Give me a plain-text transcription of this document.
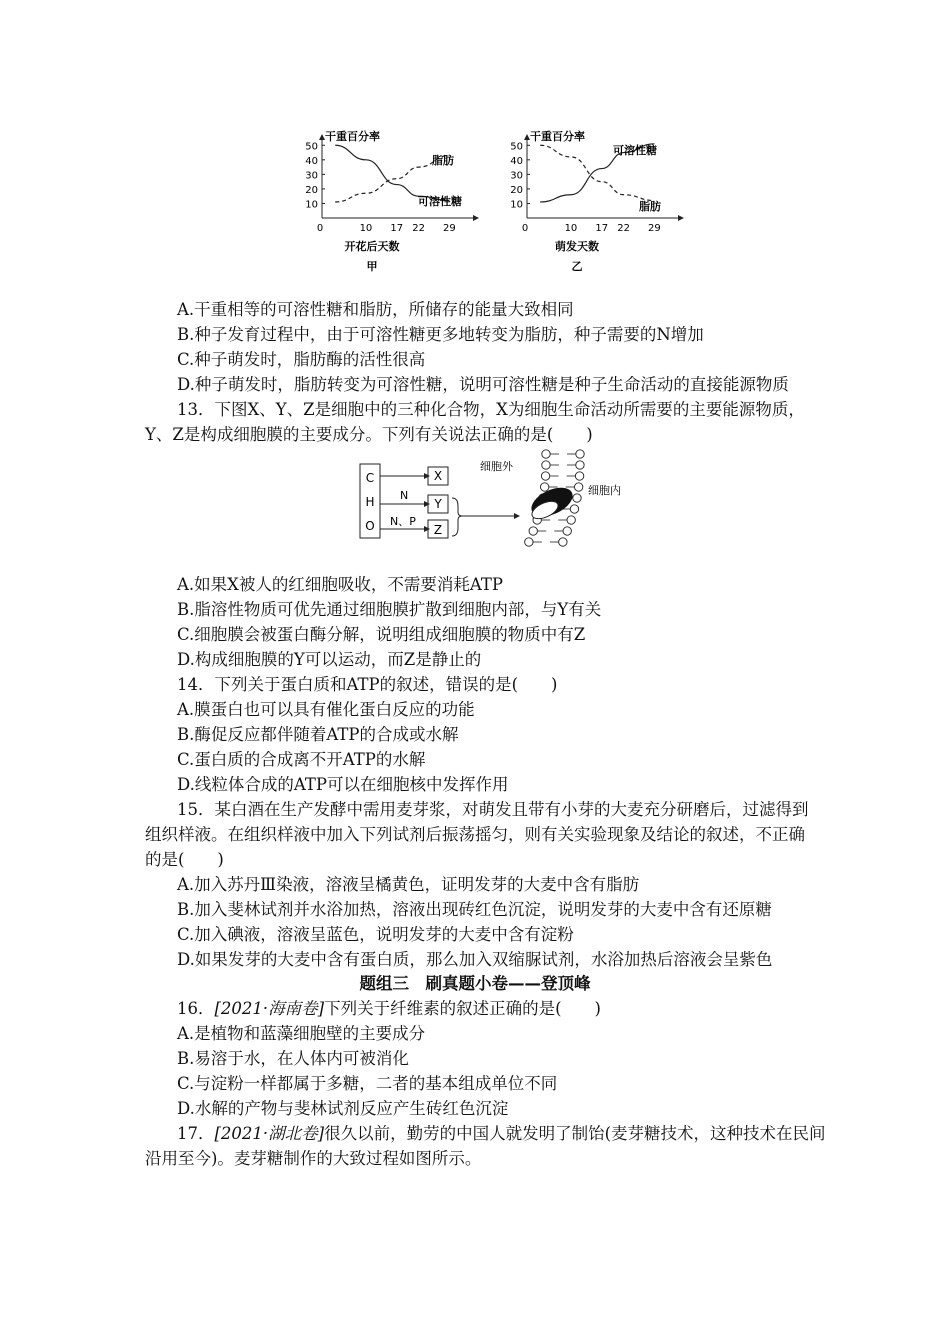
干重百分率
50
40
30
20
10
0	10 17 22 29
开花后天数
甲
脂肪
可溶性糖
干重百分率
50
40
30
20
10
0	10 17 22 29
萌发天数
乙
可溶性糖
脂肪
A.干重相等的可溶性糖和脂肪，所储存的能量大致相同
B.种子发育过程中，由于可溶性糖更多地转变为脂肪，种子需要的N增加
C.种子萌发时，脂肪酶的活性很高
D.种子萌发时，脂肪转变为可溶性糖，说明可溶性糖是种子生命活动的直接能源物质
13．下图X、Y、Z是细胞中的三种化合物，X为细胞生命活动所需要的主要能源物质，
Y、Z是构成细胞膜的主要成分。下列有关说法正确的是(　　)
C
H
O
N
N、P
X
Y
Z
细胞外
细胞内
A.如果X被人的红细胞吸收，不需要消耗ATP
B.脂溶性物质可优先通过细胞膜扩散到细胞内部，与Y有关
C.细胞膜会被蛋白酶分解，说明组成细胞膜的物质中有Z
D.构成细胞膜的Y可以运动，而Z是静止的
14．下列关于蛋白质和ATP的叙述，错误的是(　　)
A.膜蛋白也可以具有催化蛋白反应的功能
B.酶促反应都伴随着ATP的合成或水解
C.蛋白质的合成离不开ATP的水解
D.线粒体合成的ATP可以在细胞核中发挥作用
15．某白酒在生产发酵中需用麦芽浆，对萌发且带有小芽的大麦充分研磨后，过滤得到
组织样液。在组织样液中加入下列试剂后振荡摇匀，则有关实验现象及结论的叙述，不正确
的是(　　)
A.加入苏丹Ⅲ染液，溶液呈橘黄色，证明发芽的大麦中含有脂肪
B.加入斐林试剂并水浴加热，溶液出现砖红色沉淀，说明发芽的大麦中含有还原糖
C.加入碘液，溶液呈蓝色，说明发芽的大麦中含有淀粉
D.如果发芽的大麦中含有蛋白质，那么加入双缩脲试剂，水浴加热后溶液会呈紫色
题组三　刷真题小卷——登顶峰
16．[2021·海南卷]下列关于纤维素的叙述正确的是(　　)
A.是植物和蓝藻细胞壁的主要成分
B.易溶于水，在人体内可被消化
C.与淀粉一样都属于多糖，二者的基本组成单位不同
D.水解的产物与斐林试剂反应产生砖红色沉淀
17．[2021·湖北卷]很久以前，勤劳的中国人就发明了制饴(麦芽糖技术，这种技术在民间
沿用至今)。麦芽糖制作的大致过程如图所示。
